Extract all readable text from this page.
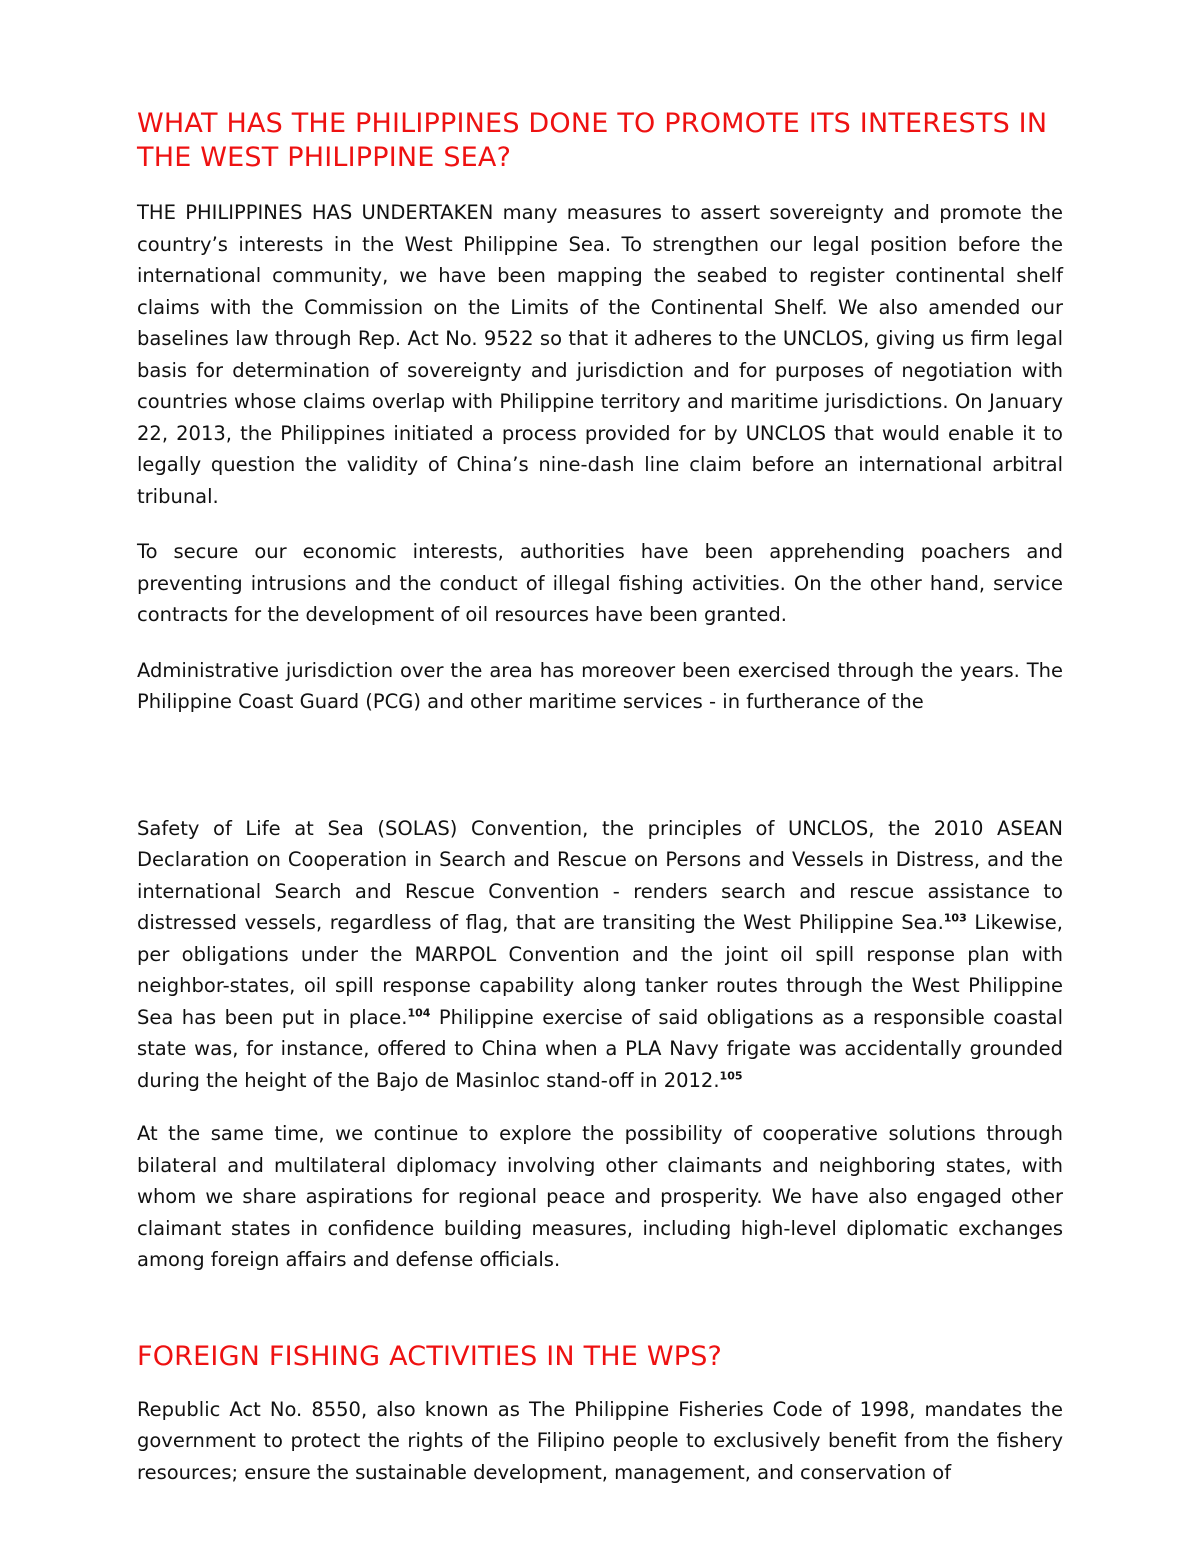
WHAT HAS THE PHILIPPINES DONE TO PROMOTE ITS INTERESTS IN THE WEST PHILIPPINE SEA?

THE PHILIPPINES HAS UNDERTAKEN many measures to assert sovereignty and promote the country’s interests in the West Philippine Sea. To strengthen our legal position before the international community, we have been mapping the seabed to register continental shelf claims with the Commission on the Limits of the Continental Shelf. We also amended our baselines law through Rep. Act No. 9522 so that it adheres to the UNCLOS, giving us firm legal basis for determination of sovereignty and jurisdiction and for purposes of negotiation with countries whose claims overlap with Philippine territory and maritime jurisdictions. On January 22, 2013, the Philippines initiated a process provided for by UNCLOS that would enable it to legally question the validity of China’s nine-dash line claim before an international arbitral tribunal.

To secure our economic interests, authorities have been apprehending poachers and preventing intrusions and the conduct of illegal fishing activities. On the other hand, service contracts for the development of oil resources have been granted.

Administrative jurisdiction over the area has moreover been exercised through the years. The Philippine Coast Guard (PCG) and other maritime services - in furtherance of the

Safety of Life at Sea (SOLAS) Convention, the principles of UNCLOS, the 2010 ASEAN Declaration on Cooperation in Search and Rescue on Persons and Vessels in Distress, and the international Search and Rescue Convention - renders search and rescue assistance to distressed vessels, regardless of flag, that are transiting the West Philippine Sea.$^{103}$ Likewise, per obligations under the MARPOL Convention and the joint oil spill response plan with neighbor-states, oil spill response capability along tanker routes through the West Philippine Sea has been put in place.$^{104}$ Philippine exercise of said obligations as a responsible coastal state was, for instance, offered to China when a PLA Navy frigate was accidentally grounded during the height of the Bajo de Masinloc stand-off in 2012.$^{105}$

At the same time, we continue to explore the possibility of cooperative solutions through bilateral and multilateral diplomacy involving other claimants and neighboring states, with whom we share aspirations for regional peace and prosperity. We have also engaged other claimant states in confidence building measures, including high-level diplomatic exchanges among foreign affairs and defense officials.

FOREIGN FISHING ACTIVITIES IN THE WPS?

Republic Act No. 8550, also known as The Philippine Fisheries Code of 1998, mandates the government to protect the rights of the Filipino people to exclusively benefit from the fishery resources; ensure the sustainable development, management, and conservation of
